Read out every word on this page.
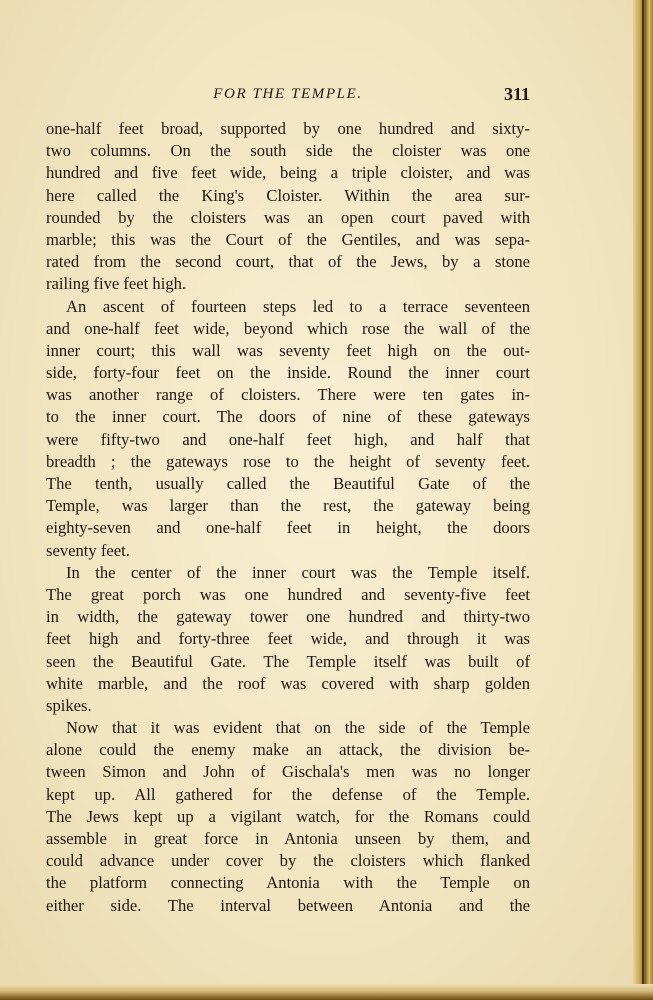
FOR THE TEMPLE.	311
one-half feet broad, supported by one hundred and sixty-
two columns. On the south side the cloister was one
hundred and five feet wide, being a triple cloister, and was
here called the King's Cloister. Within the area sur-
rounded by the cloisters was an open court paved with
marble; this was the Court of the Gentiles, and was sepa-
rated from the second court, that of the Jews, by a stone
railing five feet high.
An ascent of fourteen steps led to a terrace seventeen
and one-half feet wide, beyond which rose the wall of the
inner court; this wall was seventy feet high on the out-
side, forty-four feet on the inside. Round the inner court
was another range of cloisters. There were ten gates in-
to the inner court. The doors of nine of these gateways
were fifty-two and one-half feet high, and half that
breadth ; the gateways rose to the height of seventy feet.
The tenth, usually called the Beautiful Gate of the
Temple, was larger than the rest, the gateway being
eighty-seven and one-half feet in height, the doors
seventy feet.
In the center of the inner court was the Temple itself.
The great porch was one hundred and seventy-five feet
in width, the gateway tower one hundred and thirty-two
feet high and forty-three feet wide, and through it was
seen the Beautiful Gate. The Temple itself was built of
white marble, and the roof was covered with sharp golden
spikes.
Now that it was evident that on the side of the Temple
alone could the enemy make an attack, the division be-
tween Simon and John of Gischala's men was no longer
kept up. All gathered for the defense of the Temple.
The Jews kept up a vigilant watch, for the Romans could
assemble in great force in Antonia unseen by them, and
could advance under cover by the cloisters which flanked
the platform connecting Antonia with the Temple on
either side. The interval between Antonia and the
